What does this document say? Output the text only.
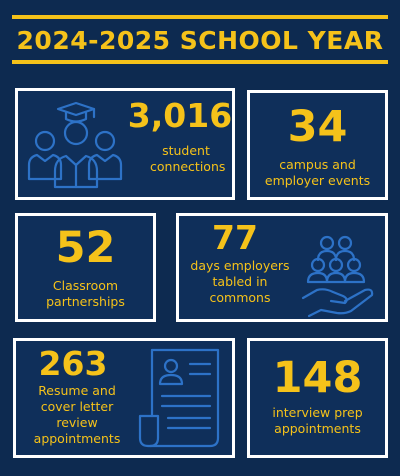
2024-2025 SCHOOL YEAR
3,016
student connections
34
campus and employer events
52
Classroom partnerships
77
days employers tabled in commons
263
Resume and cover letter review appointments
148
interview prep appointments
